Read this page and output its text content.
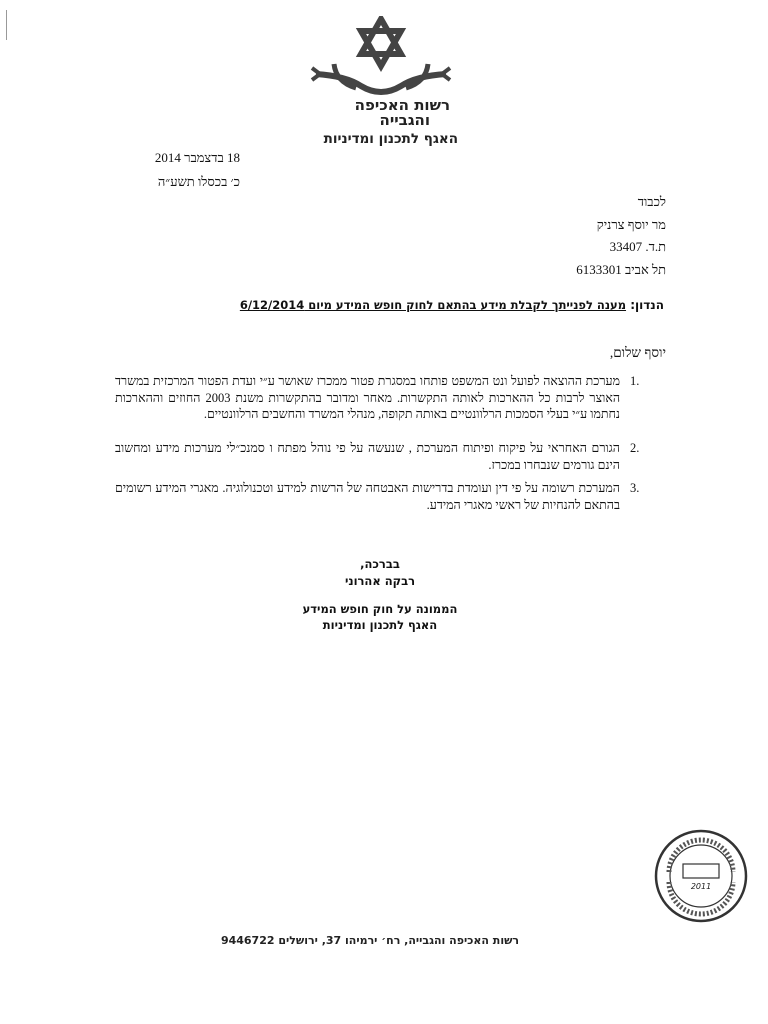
רשות האכיפה
והגבייה
האגף לתכנון ומדיניות
18 בדצמבר 2014
כ׳ בכסלו תשע״ה
לכבוד
מר יוסף צרניק
ת.ד. 33407
תל אביב 6133301
הנדון: מענה לפנייתך לקבלת מידע בהתאם לחוק חופש המידע מיום 6/12/2014
יוסף שלום,
1.
מערכת ההוצאה לפועל ונט המשפט פותחו במסגרת פטור ממכרז שאושר ע״י ועדת הפטור המרכזית במשרד האוצר לרבות כל ההארכות לאותה התקשרות. מאחר ומדובר בהתקשרות משנת 2003 החוזים וההארכות נחתמו ע״י בעלי הסמכות הרלוונטיים באותה תקופה, מנהלי המשרד והחשבים הרלוונטיים.
2.
הגורם האחראי על פיקוח ופיתוח המערכת , שנעשה על פי נוהל מפתח ו סמנכ״לי מערכות מידע ומחשוב הינם גורמים שנבחרו במכרז.
3.
המערכת רשומה על פי דין ועומדת בדרישות האבטחה של הרשות למידע וטכנולוגיה. מאגרי המידע רשומים בהתאם להנחיות של ראשי מאגרי המידע.
בברכה,
רבקה אהרוני
הממונה על חוק חופש המידע
האגף לתכנון ומדיניות
2011
רשות האכיפה והגבייה, רח׳ ירמיהו 37, ירושלים 9446722
